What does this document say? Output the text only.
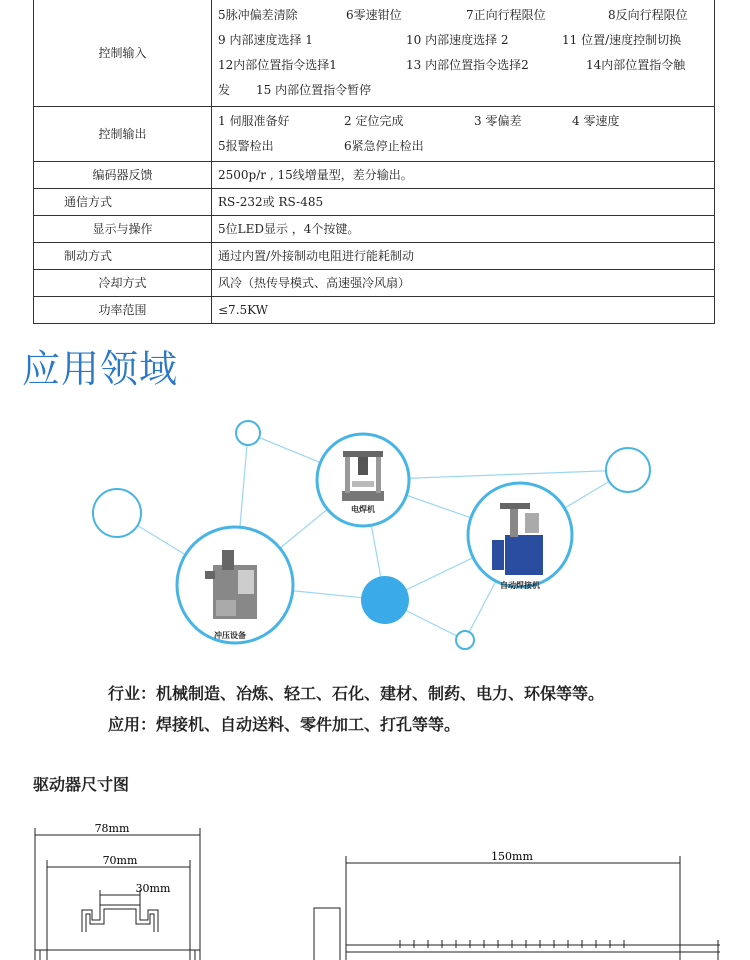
控制输入	5脉冲偏差清除 6零速钳位 7正向行程限位 8反向行程限位
9 内部速度选择 1 10 内部速度选择 2 11 位置/速度控制切换
12内部位置指令选择1 13 内部位置指令选择2 14内部位置指令触
发 15 内部位置指令暂停

控制输出	1 伺服准备好 2 定位完成 3 零偏差 4 零速度
5报警检出 6紧急停止检出

编码器反馈	2500p/r , 15线增量型，差分输出。
通信方式	RS-232或 RS-485
显示与操作	5位LED显示 ，4个按键。
制动方式	通过内置/外接制动电阻进行能耗制动
冷却方式	风冷（热传导模式、高速强冷风扇）
功率范围	≤7.5KW
应用领域
电焊机
自动焊接机
冲压设备
行业：机械制造、冶炼、轻工、石化、建材、制药、电力、环保等等。
应用：焊接机、自动送料、零件加工、打孔等等。
驱动器尺寸图
78mm
70mm
30mm
150mm
